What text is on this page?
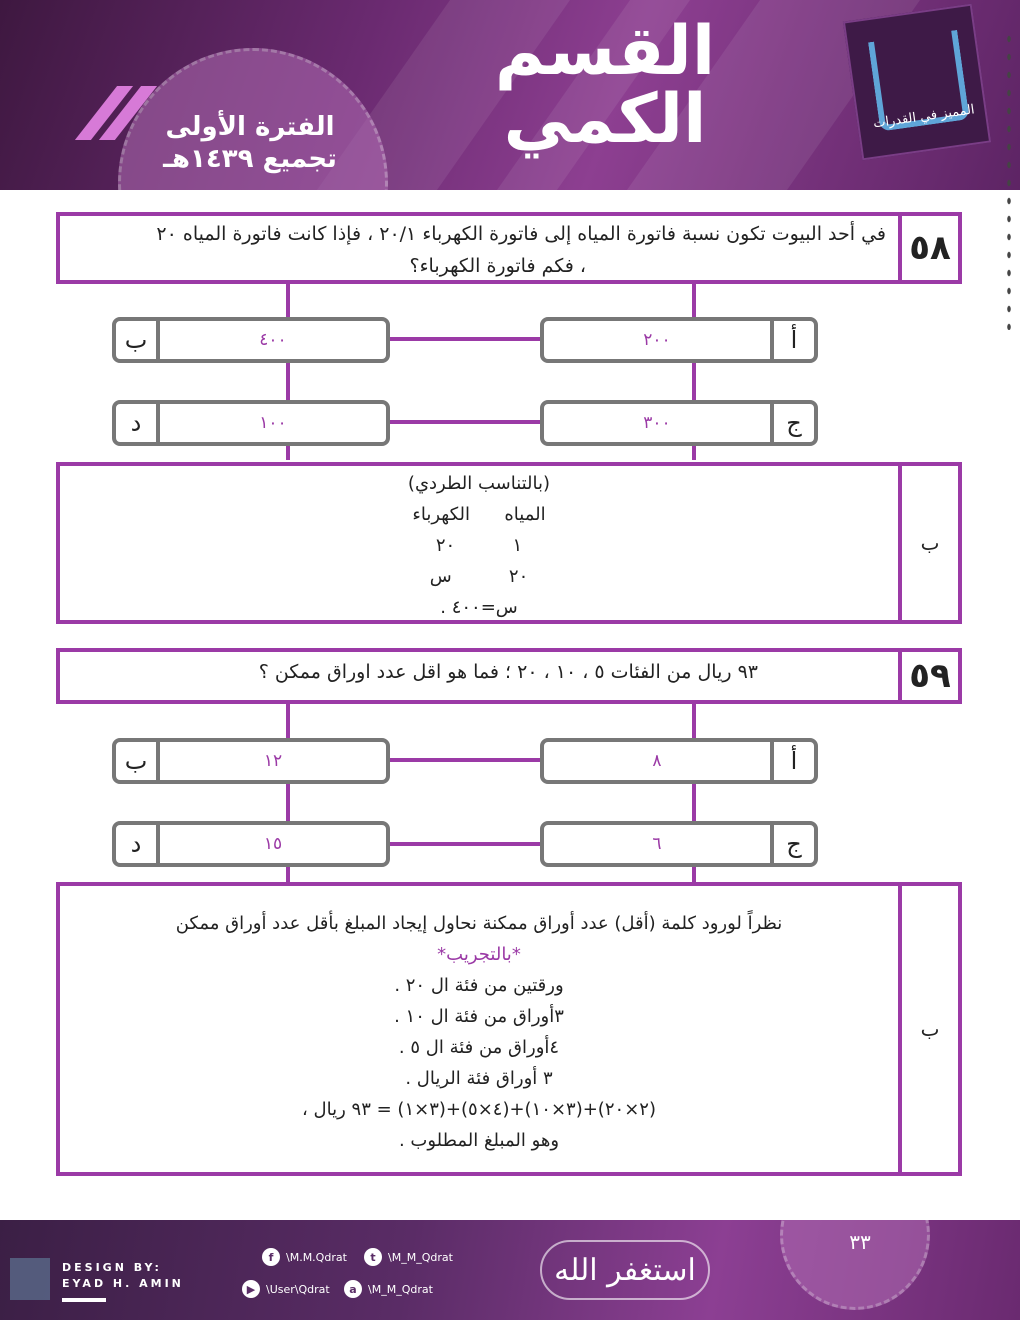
الفترة الأولى
تجميع ١٤٣٩هـ
القسم
الكمي	المميز في القدرات
٥٨
في أحد البيوت تكون نسبة فاتورة المياه إلى فاتورة الكهرباء ٢٠/١ ، فإذا كانت فاتورة المياه ٢٠
، فكم فاتورة الكهرباء؟
ب	٤٠٠	٢٠٠	أ
د	١٠٠	٣٠٠	ج
(بالتناسب الطردي)
المياه      الكهرباء
١          ٢٠
٢٠          س
س=٤٠٠ .
ب
٥٩
٩٣ ريال من الفئات ٥ ، ١٠ ، ٢٠ ؛ فما هو اقل عدد اوراق ممكن ؟
ب	١٢	٨	أ
د	١٥	٦	ج
نظراً لورود كلمة (أقل) عدد أوراق ممكنة نحاول إيجاد المبلغ بأقل عدد أوراق ممكن
*بالتجريب*
ورقتين من فئة ال ٢٠ .
٣أوراق من فئة ال ١٠ .
٤أوراق من فئة ال ٥ .
٣ أوراق فئة الريال .
(٢×٢٠)+(٣×١٠)+(٤×٥)+(٣×١) = ٩٣ ريال ،
وهو المبلغ المطلوب .
ب
٣٣
DESIGN BY:
EYAD H. AMIN
f	\M.M.Qdrat	t	\M_M_Qdrat
▶ \User\Qdrat	a	\M_M_Qdrat
استغفر الله
